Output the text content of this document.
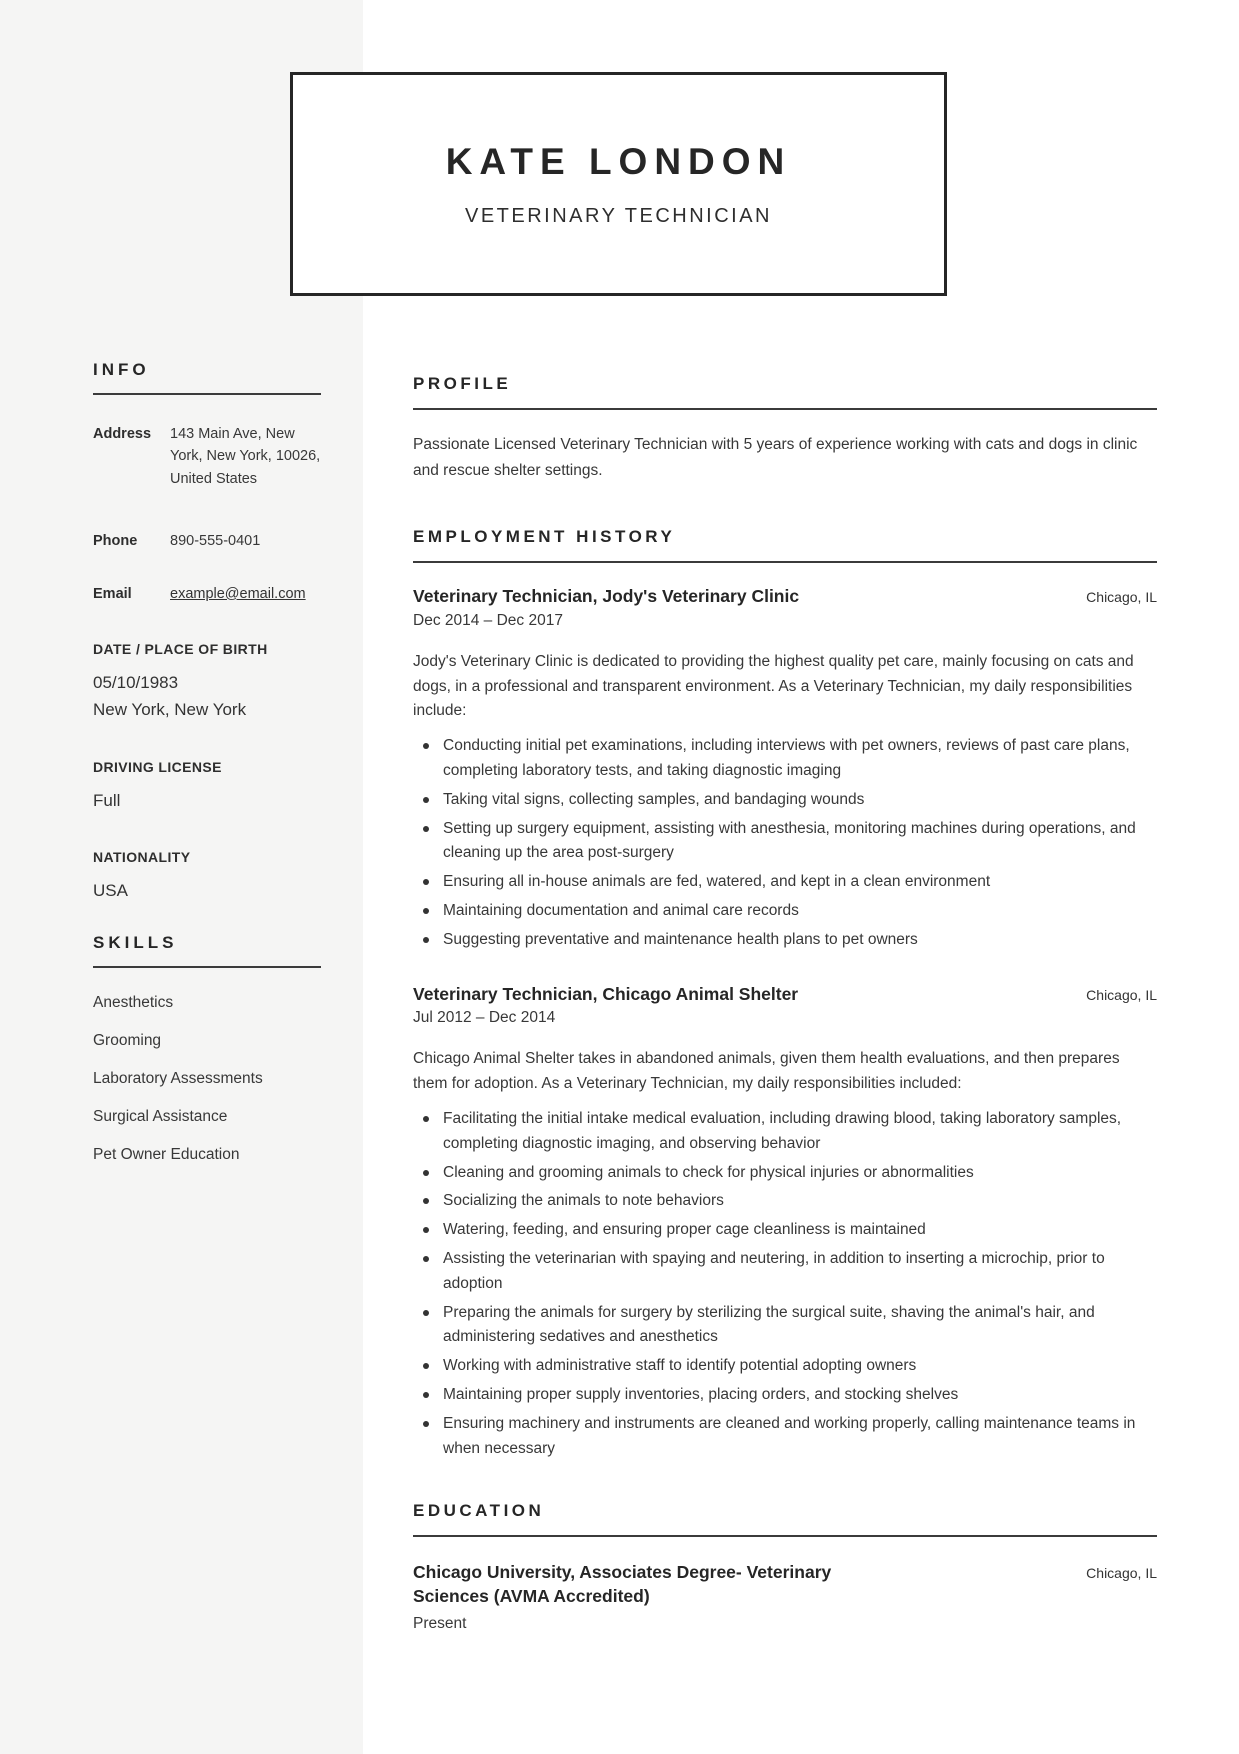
KATE LONDON
VETERINARY TECHNICIAN
INFO
Address	143 Main Ave, New York, New York, 10026, United States
Phone	890-555-0401
Email	example@email.com
DATE / PLACE OF BIRTH
05/10/1983
New York, New York
DRIVING LICENSE
Full
NATIONALITY
USA
SKILLS
Anesthetics
Grooming
Laboratory Assessments
Surgical Assistance
Pet Owner Education
PROFILE

Passionate Licensed Veterinary Technician with 5 years of experience working with cats and dogs in clinic and rescue shelter settings.

EMPLOYMENT HISTORY
Veterinary Technician, Jody's Veterinary Clinic	Chicago, IL
Dec 2014 – Dec 2017

Jody's Veterinary Clinic is dedicated to providing the highest quality pet care, mainly focusing on cats and dogs, in a professional and transparent environment. As a Veterinary Technician, my daily responsibilities include:

Conducting initial pet examinations, including interviews with pet owners, reviews of past care plans, completing laboratory tests, and taking diagnostic imaging
Taking vital signs, collecting samples, and bandaging wounds
Setting up surgery equipment, assisting with anesthesia, monitoring machines during operations, and cleaning up the area post-surgery
Ensuring all in-house animals are fed, watered, and kept in a clean environment
Maintaining documentation and animal care records
Suggesting preventative and maintenance health plans to pet owners
Veterinary Technician, Chicago Animal Shelter	Chicago, IL
Jul 2012 – Dec 2014

Chicago Animal Shelter takes in abandoned animals, given them health evaluations, and then prepares them for adoption. As a Veterinary Technician, my daily responsibilities included:

Facilitating the initial intake medical evaluation, including drawing blood, taking laboratory samples, completing diagnostic imaging, and observing behavior
Cleaning and grooming animals to check for physical injuries or abnormalities
Socializing the animals to note behaviors
Watering, feeding, and ensuring proper cage cleanliness is maintained
Assisting the veterinarian with spaying and neutering, in addition to inserting a microchip, prior to adoption
Preparing the animals for surgery by sterilizing the surgical suite, shaving the animal's hair, and administering sedatives and anesthetics
Working with administrative staff to identify potential adopting owners
Maintaining proper supply inventories, placing orders, and stocking shelves
Ensuring machinery and instruments are cleaned and working properly, calling maintenance teams in when necessary
EDUCATION
Chicago University, Associates Degree- Veterinary Sciences (AVMA Accredited)
Chicago, IL
Present
